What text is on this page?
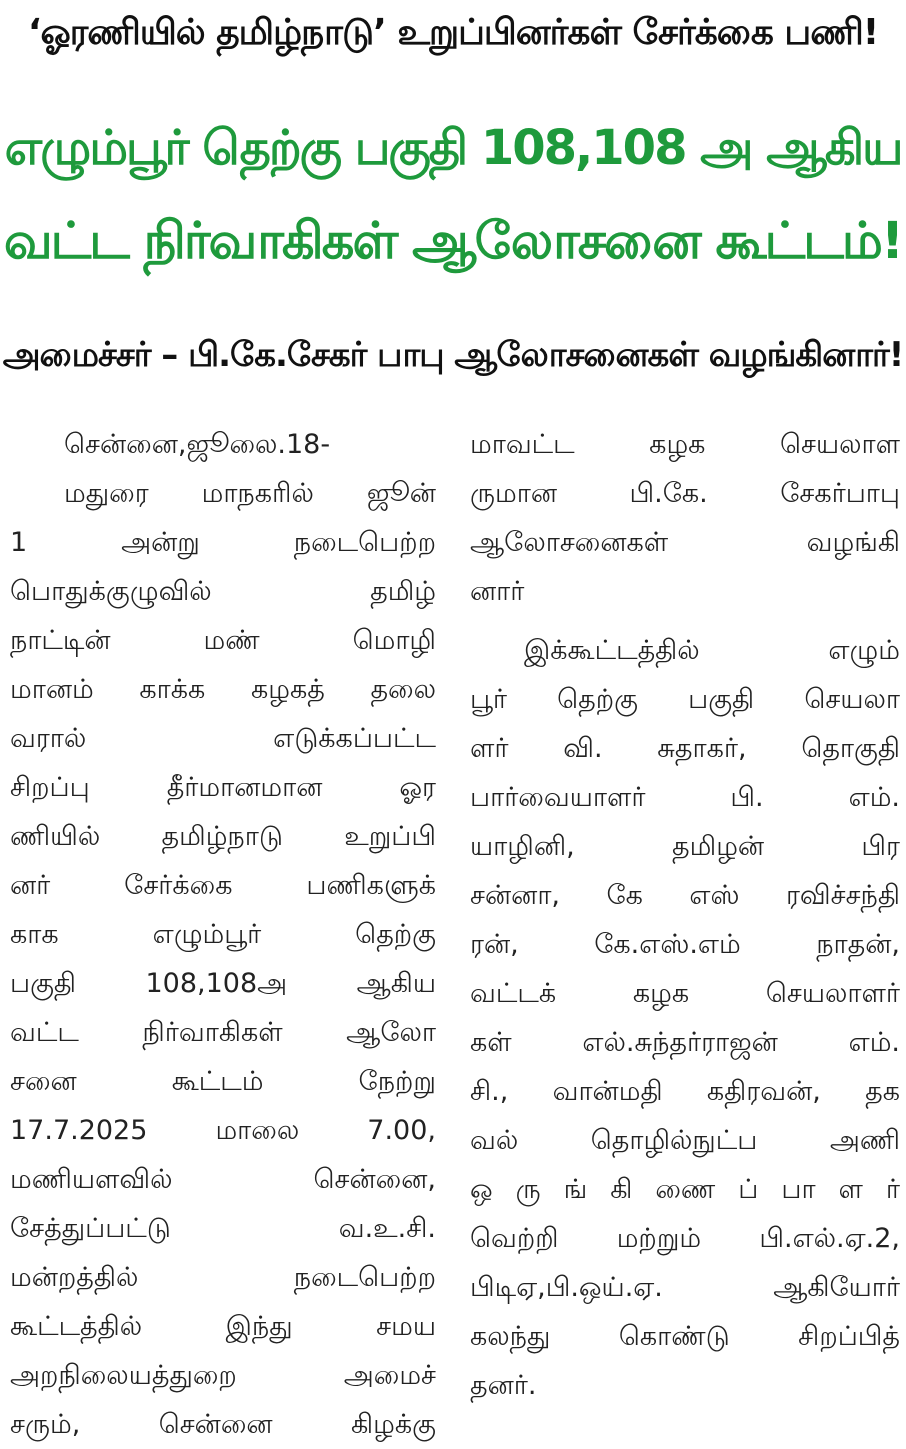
‘ஓரணியில் தமிழ்நாடு’ உறுப்பினர்கள் சேர்க்கை பணி!
எழும்பூர் தெற்கு பகுதி 108,108 அ ஆகிய
வட்ட நிர்வாகிகள் ஆலோசனை கூட்டம்!
அமைச்சர் – பி.கே.சேகர் பாபு ஆலோசனைகள் வழங்கினார்!
சென்னை,ஜூலை.18-
மதுரை மாநகரில் ஜூன்
1 அன்று நடைபெற்ற
பொதுக்குழுவில் தமிழ்
நாட்டின் மண் மொழி
மானம் காக்க கழகத் தலை
வரால் எடுக்கப்பட்ட
சிறப்பு தீர்மானமான ஓர
ணியில் தமிழ்நாடு உறுப்பி
னர் சேர்க்கை பணிகளுக்
காக எழும்பூர் தெற்கு
பகுதி 108,108அ ஆகிய
வட்ட நிர்வாகிகள் ஆலோ
சனை கூட்டம் நேற்று
17.7.2025 மாலை 7.00,
மணியளவில் சென்னை,
சேத்துப்பட்டு வ.உ.சி.
மன்றத்தில் நடைபெற்ற
கூட்டத்தில் இந்து சமய
அறநிலையத்துறை அமைச்
சரும், சென்னை கிழக்கு
மாவட்ட கழக செயலாள
ருமான பி.கே. சேகர்பாபு
ஆலோசனைகள் வழங்கி
னார்
இக்கூட்டத்தில் எழும்
பூர் தெற்கு பகுதி செயலா
ளர் வி. சுதாகர், தொகுதி
பார்வையாளர் பி. எம்.
யாழினி, தமிழன் பிர
சன்னா, கே எஸ் ரவிச்சந்தி
ரன், கே.எஸ்.எம் நாதன்,
வட்டக் கழக செயலாளர்
கள் எல்.சுந்தர்ராஜன் எம்.
சி., வான்மதி கதிரவன், தக
வல் தொழில்நுட்ப அணி
ஒ ரு ங் கி ணை ப் பா ள ர்
வெற்றி மற்றும் பி.எல்.ஏ.2,
பிடிஏ,பி.ஒய்.ஏ. ஆகியோர்
கலந்து கொண்டு சிறப்பித்
தனர்.
